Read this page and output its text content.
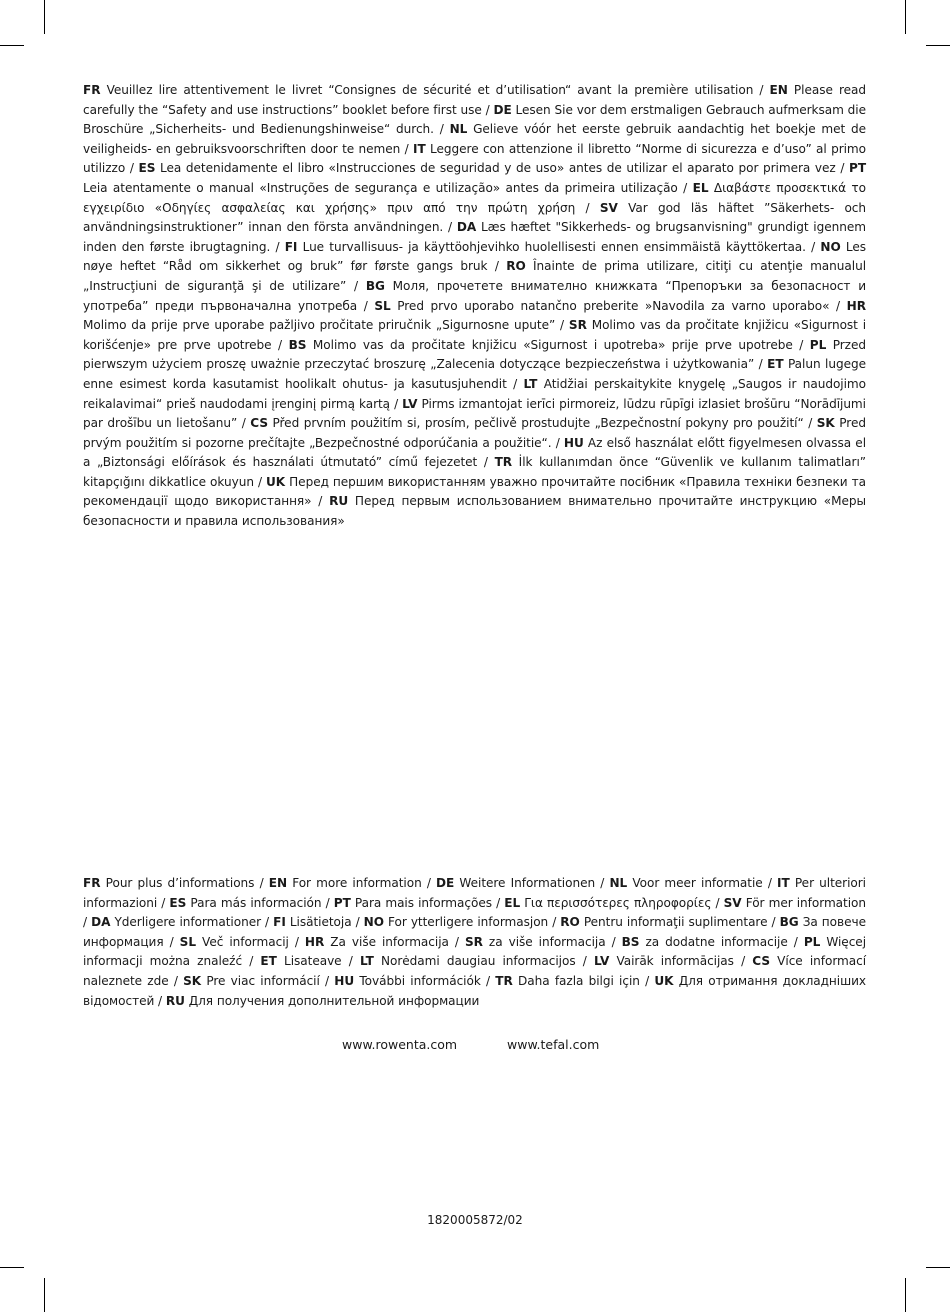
FR Veuillez lire attentivement le livret “Consignes de sécurité et d’utilisation“ avant la première utilisation / EN Please read carefully the “Safety and use instructions” booklet before first use / DE Lesen Sie vor dem erstmaligen Gebrauch aufmerksam die Broschüre „Sicherheits- und Bedienungshinweise“ durch. / NL Gelieve vóór het eerste gebruik aandachtig het boekje met de veiligheids- en gebruiksvoorschriften door te nemen / IT Leggere con attenzione il libretto “Norme di sicurezza e d’uso” al primo utilizzo / ES Lea detenidamente el libro «Instrucciones de seguridad y de uso» antes de utilizar el aparato por primera vez / PT Leia atentamente o manual «Instruções de segurança e utilização» antes da primeira utilização / EL Διαβάστε προσεκτικά το εγχειρίδιο «Οδηγίες ασφαλείας και χρήσης» πριν από την πρώτη χρήση / SV Var god läs häftet ”Säkerhets- och användningsinstruktioner” innan den första användningen. / DA Læs hæftet "Sikkerheds- og brugsanvisning" grundigt igennem inden den første ibrugtagning. / FI Lue turvallisuus- ja käyttöohjevihko huolellisesti ennen ensimmäistä käyttökertaa. / NO Les nøye heftet “Råd om sikkerhet og bruk” før første gangs bruk / RO Înainte de prima utilizare, citiţi cu atenţie manualul „Instrucţiuni de siguranţă şi de utilizare” / BG Моля, прочетете внимателно книжката “Препоръки за безопасност и употреба” преди първоначална употреба / SL Pred prvo uporabo natančno preberite »Navodila za varno uporabo« / HR Molimo da prije prve uporabe pažljivo pročitate priručnik „Sigurnosne upute” / SR Molimo vas da pročitate knjižicu «Sigurnost i korišćenje» pre prve upotrebe / BS Molimo vas da pročitate knjižicu «Sigurnost i upotreba» prije prve upotrebe / PL Przed pierwszym użyciem proszę uważnie przeczytać broszurę „Zalecenia dotyczące bezpieczeństwa i użytkowania” / ET Palun lugege enne esimest korda kasutamist hoolikalt ohutus- ja kasutusjuhendit / LT Atidžiai perskaitykite knygelę „Saugos ir naudojimo reikalavimai“ prieš naudodami įrenginį pirmą kartą / LV Pirms izmantojat ierīci pirmoreiz, lūdzu rūpīgi izlasiet brošūru “Norādījumi par drošību un lietošanu” / CS Před prvním použitím si, prosím, pečlivě prostudujte „Bezpečnostní pokyny pro použití“ / SK Pred prvým použitím si pozorne prečítajte „Bezpečnostné odporúčania a použitie“. / HU Az első használat előtt figyelmesen olvassa el a „Biztonsági előírások és használati útmutató” című fejezetet / TR İlk kullanımdan önce “Güvenlik ve kullanım talimatları” kitapçığını dikkatlice okuyun / UK Перед першим використанням уважно прочитайте посібник «Правила техніки безпеки та рекомендації щодо використання» / RU Перед первым использованием внимательно прочитайте инструкцию «Меры безопасности и правила использования»
FR Pour plus d’informations / EN For more information / DE Weitere Informationen / NL Voor meer informatie / IT Per ulteriori informazioni / ES Para más información / PT Para mais informações / EL Για περισσότερες πληροφορίες / SV För mer information / DA Yderligere informationer / FI Lisätietoja / NO For ytterligere informasjon / RO Pentru informaţii suplimentare / BG За повече информация / SL Več informacij / HR Za više informacija / SR za više informacija / BS za dodatne informacije / PL Więcej informacji można znaleźć / ET Lisateave / LT Norėdami daugiau informacijos / LV Vairāk informācijas / CS Více informací naleznete zde / SK Pre viac informácií / HU További információk / TR Daha fazla bilgi için / UK Для отримання докладніших відомостей / RU Для получения дополнительной информации
www.rowenta.com	www.tefal.com
1820005872/02
